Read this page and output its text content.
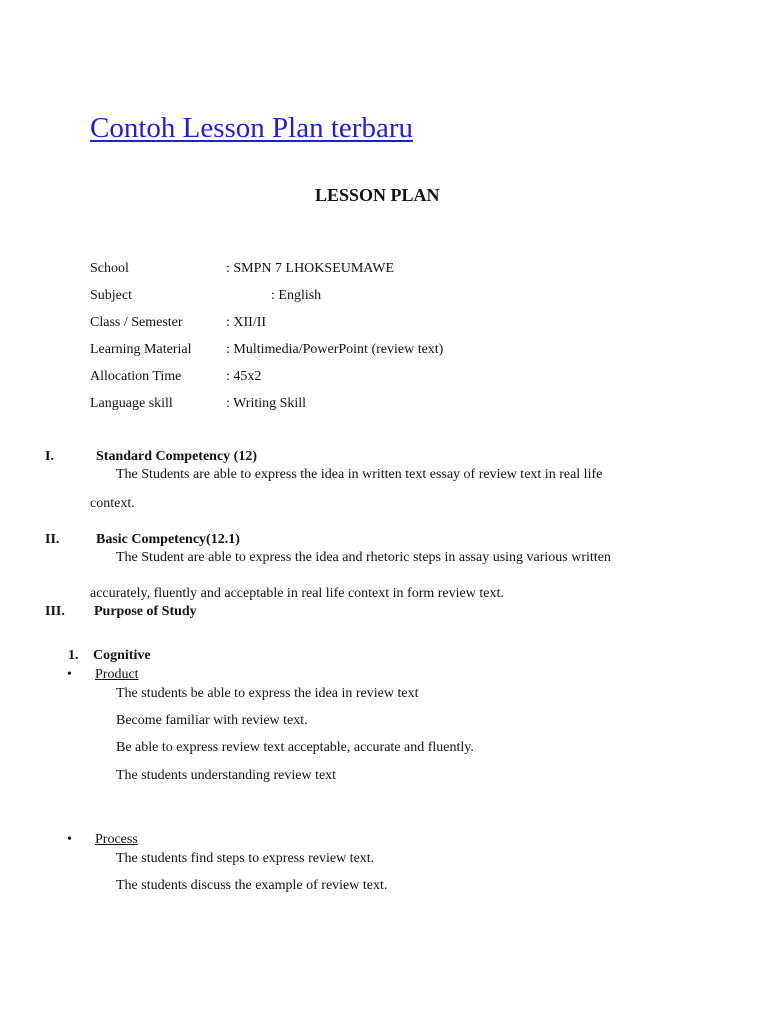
Contoh Lesson Plan terbaru
LESSON PLAN
School	: SMPN 7 LHOKSEUMAWE
Subject	: English
Class / Semester	: XII/II
Learning Material : Multimedia/PowerPoint (review text)
Allocation Time	: 45x2
Language skill	: Writing Skill
I.	Standard Competency (12)
The Students are able to express the idea in written text essay of review text in real life
context.
II.	Basic Competency(12.1)
The Student are able to express the idea and rhetoric steps in assay using various written
accurately, fluently and acceptable in real life context in form review text.
III. Purpose of Study
1. Cognitive
• Product
The students be able to express the idea in review text
Become familiar with review text.
Be able to express review text acceptable, accurate and fluently.
The students understanding review text
• Process
The students find steps to express review text.
The students discuss the example of review text.
